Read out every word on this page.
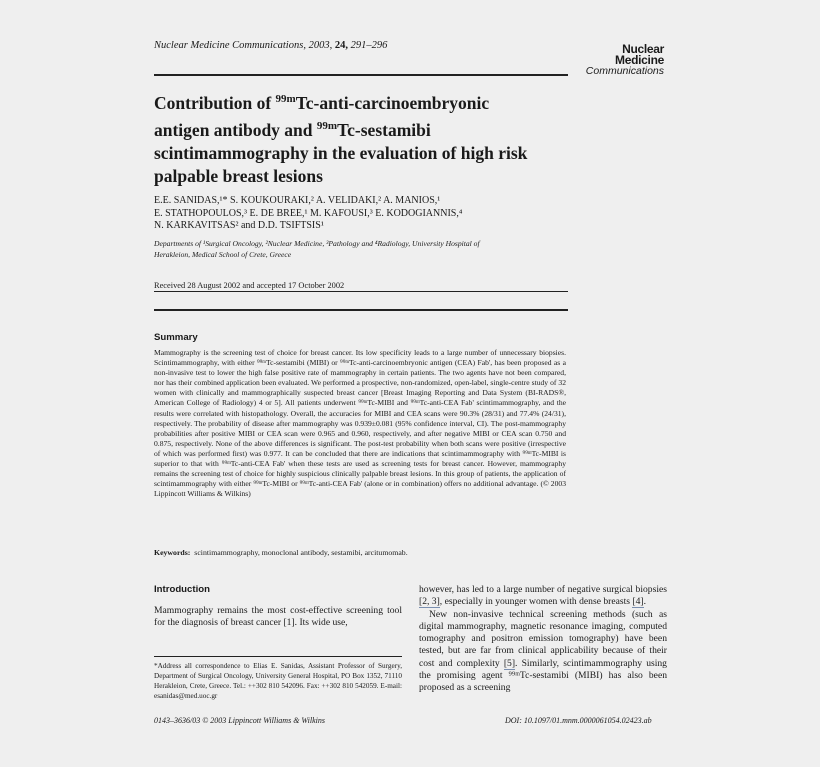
Nuclear Medicine Communications, 2003, 24, 291–296	Nuclear
Medicine
Communications
Contribution of $^{99m}$Tc-anti-carcinoembryonic
antigen antibody and $^{99m}$Tc-sestamibi
scintimammography in the evaluation of high risk
palpable breast lesions
E.E. SANIDAS,¹* S. KOUKOURAKI,² A. VELIDAKI,² A. MANIOS,¹
E. STATHOPOULOS,³ E. DE BREE,¹ M. KAFOUSI,³ E. KODOGIANNIS,⁴
N. KARKAVITSAS² and D.D. TSIFTSIS¹
Departments of ¹Surgical Oncology, ²Nuclear Medicine, ³Pathology and ⁴Radiology, University Hospital of
Herakleion, Medical School of Crete, Greece
Received 28 August 2002 and accepted 17 October 2002
Summary
Mammography is the screening test of choice for breast cancer. Its low specificity leads to a large number of unnecessary biopsies. Scintimammography, with either ⁹⁹ᵐTc-sestamibi (MIBI) or ⁹⁹ᵐTc-anti-carcinoembryonic antigen (CEA) Fab', has been proposed as a non-invasive test to lower the high false positive rate of mammography in certain patients. The two agents have not been compared, nor has their combined application been evaluated. We performed a prospective, non-randomized, open-label, single-centre study of 32 women with clinically and mammographically suspected breast cancer [Breast Imaging Reporting and Data System (BI-RADS®, American College of Radiology) 4 or 5]. All patients underwent ⁹⁹ᵐTc-MIBI and ⁹⁹ᵐTc-anti-CEA Fab' scintimammography, and the results were correlated with histopathology. Overall, the accuracies for MIBI and CEA scans were 90.3% (28/31) and 77.4% (24/31), respectively. The probability of disease after mammography was 0.939±0.081 (95% confidence interval, CI). The post-mammography probabilities after positive MIBI or CEA scan were 0.965 and 0.960, respectively, and after negative MIBI or CEA scan 0.750 and 0.875, respectively. None of the above differences is significant. The post-test probability when both scans were positive (irrespective of which was performed first) was 0.977. It can be concluded that there are indications that scintimammography with ⁹⁹ᵐTc-MIBI is superior to that with ⁹⁹ᵐTc-anti-CEA Fab' when these tests are used as screening tests for breast cancer. However, mammography remains the screening test of choice for highly suspicious clinically palpable breast lesions. In this group of patients, the application of scintimammography with either ⁹⁹ᵐTc-MIBI or ⁹⁹ᵐTc-anti-CEA Fab' (alone or in combination) offers no additional advantage. (© 2003 Lippincott Williams & Wilkins)
Keywords: scintimammography, monoclonal antibody, sestamibi, arcitumomab.
Introduction
Mammography remains the most cost-effective screening tool for the diagnosis of breast cancer [1]. Its wide use,

however, has led to a large number of negative surgical biopsies [2, 3], especially in younger women with dense breasts [4].

New non-invasive technical screening methods (such as digital mammography, magnetic resonance imaging, computed tomography and positron emission tomography) have been tested, but are far from clinical applicability because of their cost and complexity [5]. Similarly, scintimammography using the promising agent ⁹⁹ᵐTc-sestamibi (MIBI) has also been proposed as a screening

*Address all correspondence to Elias E. Sanidas, Assistant Professor of Surgery, Department of Surgical Oncology, University General Hospital, PO Box 1352, 71110 Herakleion, Crete, Greece. Tel.: ++302 810 542096. Fax: ++302 810 542059. E-mail: esanidas@med.uoc.gr
0143–3636/03 © 2003 Lippincott Williams & Wilkins	DOI: 10.1097/01.mnm.0000061054.02423.ab
